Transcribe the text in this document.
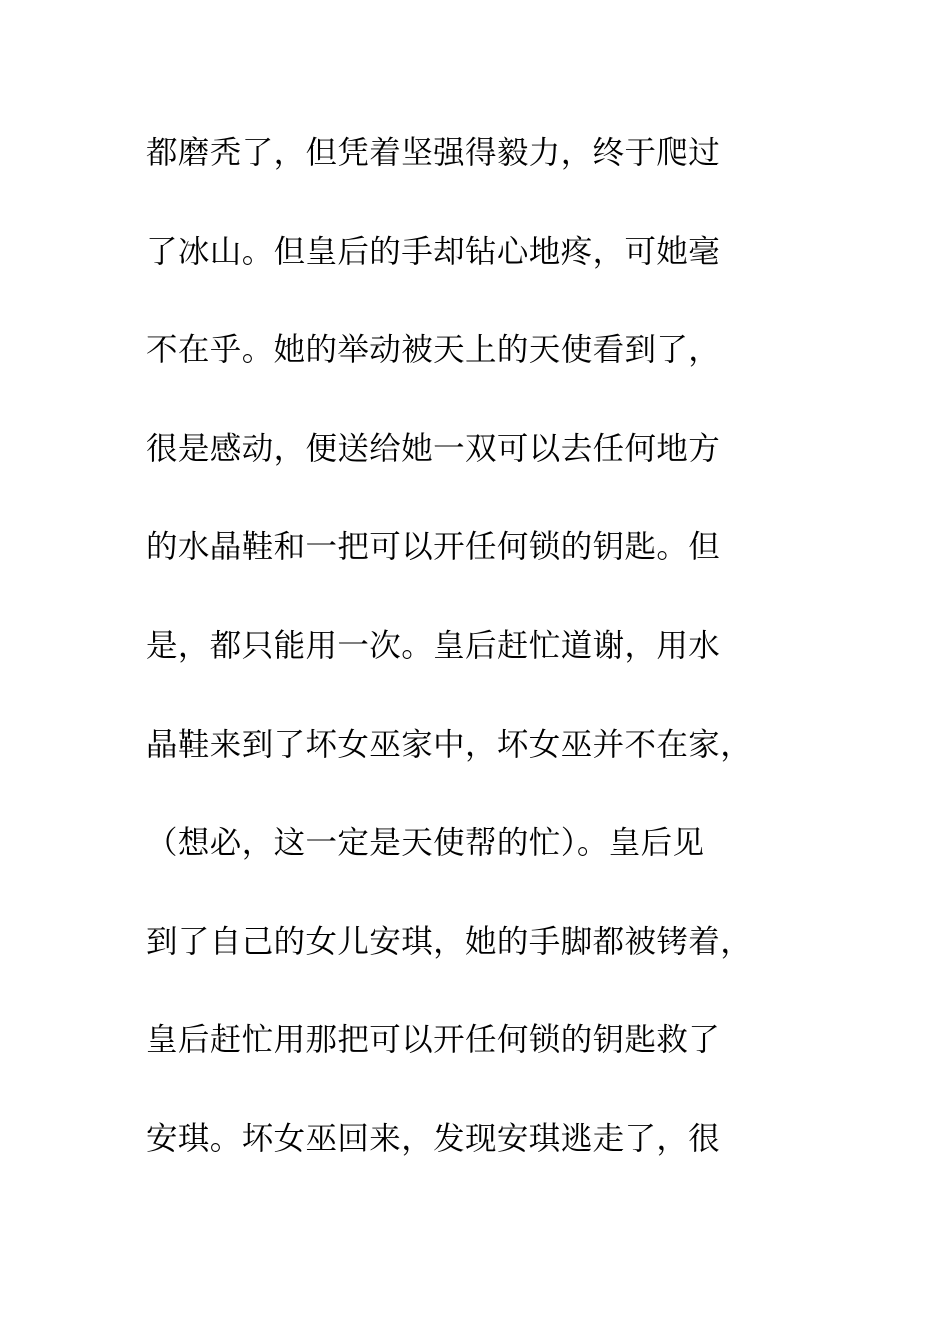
都磨秃了，但凭着坚强得毅力，终于爬过
了冰山。但皇后的手却钻心地疼，可她毫
不在乎。她的举动被天上的天使看到了，
很是感动，便送给她一双可以去任何地方
的水晶鞋和一把可以开任何锁的钥匙。但
是，都只能用一次。皇后赶忙道谢，用水
晶鞋来到了坏女巫家中，坏女巫并不在家，
（想必，这一定是天使帮的忙）。皇后见
到了自己的女儿安琪，她的手脚都被铐着，
皇后赶忙用那把可以开任何锁的钥匙救了
安琪。坏女巫回来，发现安琪逃走了，很
